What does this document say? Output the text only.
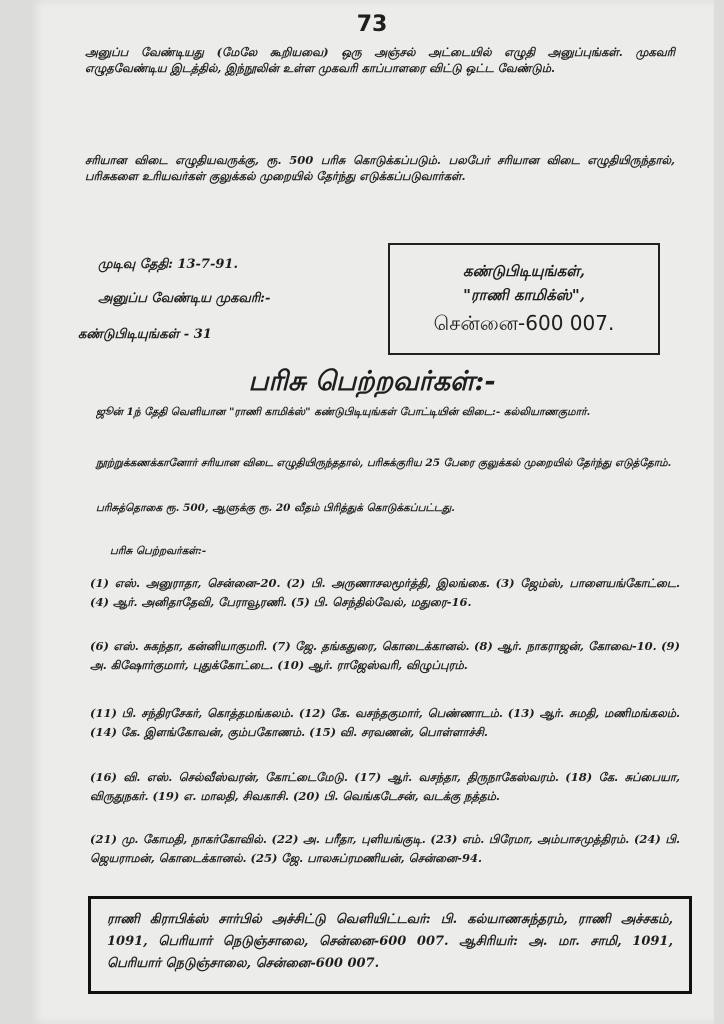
73
அனுப்ப வேண்டியது (மேலே கூறியவை) ஒரு அஞ்சல் அட்டையில் எழுதி அனுப்புங்கள். முகவரி எழுதவேண்டிய இடத்தில், இந்நூலின் உள்ள முகவரி காப்பாளரை விட்டு ஒட்ட வேண்டும்.
சரியான விடை எழுதியவருக்கு, ரூ. 500 பரிசு கொடுக்கப்படும். பலபேர் சரியான விடை எழுதியிருந்தால், பரிசுகளை உரியவர்கள் குலுக்கல் முறையில் தேர்ந்து எடுக்கப்படுவார்கள்.
முடிவு தேதி: 13-7-91.
அனுப்ப வேண்டிய முகவரி:-
கண்டுபிடியுங்கள் - 31
கண்டுபிடியுங்கள்,
"ராணி காமிக்ஸ்",
சென்னை-600 007.
பரிசு பெற்றவர்கள்:-
ஜூன் 1ந் தேதி வெளியான "ராணி காமிக்ஸ்" கண்டுபிடியுங்கள் போட்டியின் விடை:- கல்லியாணகுமார்.
நூற்றுக்கணக்கானோர் சரியான விடை எழுதியிருந்ததால், பரிசுக்குரிய 25 பேரை குலுக்கல் முறையில் தேர்ந்து எடுத்தோம்.
பரிசுத்தொகை ரூ. 500, ஆளுக்கு ரூ. 20 வீதம் பிரித்துக் கொடுக்கப்பட்டது.
பரிசு பெற்றவர்கள்:-
(1) எஸ். அனுராதா, சென்னை-20. (2) பி. அருணாசலமூர்த்தி, இலங்கை. (3) ஜேம்ஸ், பாளையங்கோட்டை. (4) ஆர். அனிதாதேவி, பேராவூரணி. (5) பி. செந்தில்வேல், மதுரை-16.
(6) எஸ். சுகந்தா, கன்னியாகுமரி. (7) ஜே. தங்கதுரை, கொடைக்கானல். (8) ஆர். நாகராஜன், கோவை-10. (9) அ. கிஷோர்குமார், புதுக்கோட்டை. (10) ஆர். ராஜேஸ்வரி, விழுப்புரம்.
(11) பி. சந்திரசேகர், கொத்தமங்கலம். (12) கே. வசந்தகுமார், பெண்ணாடம். (13) ஆர். சுமதி, மணிமங்கலம். (14) கே. இளங்கோவன், கும்பகோணம். (15) வி. சரவணன், பொள்ளாச்சி.
(16) வி. எஸ். செல்வீஸ்வரன், கோட்டைமேடு. (17) ஆர். வசந்தா, திருநாகேஸ்வரம். (18) கே. சுப்பையா, விருதுநகர். (19) எ. மாலதி, சிவகாசி. (20) பி. வெங்கடேசன், வடக்கு நத்தம்.
(21) மு. கோமதி, நாகர்கோவில். (22) அ. பரீதா, புளியங்குடி. (23) எம். பிரேமா, அம்பாசமுத்திரம். (24) பி. ஜெயராமன், கொடைக்கானல். (25) ஜே. பாலசுப்ரமணியன், சென்னை-94.
ராணி கிராபிக்ஸ் சார்பில் அச்சிட்டு வெளியிட்டவர்: பி. கல்யாணசுந்தரம், ராணி அச்சகம், 1091, பெரியார் நெடுஞ்சாலை, சென்னை-600 007. ஆசிரியர்: அ. மா. சாமி, 1091, பெரியார் நெடுஞ்சாலை, சென்னை-600 007.
